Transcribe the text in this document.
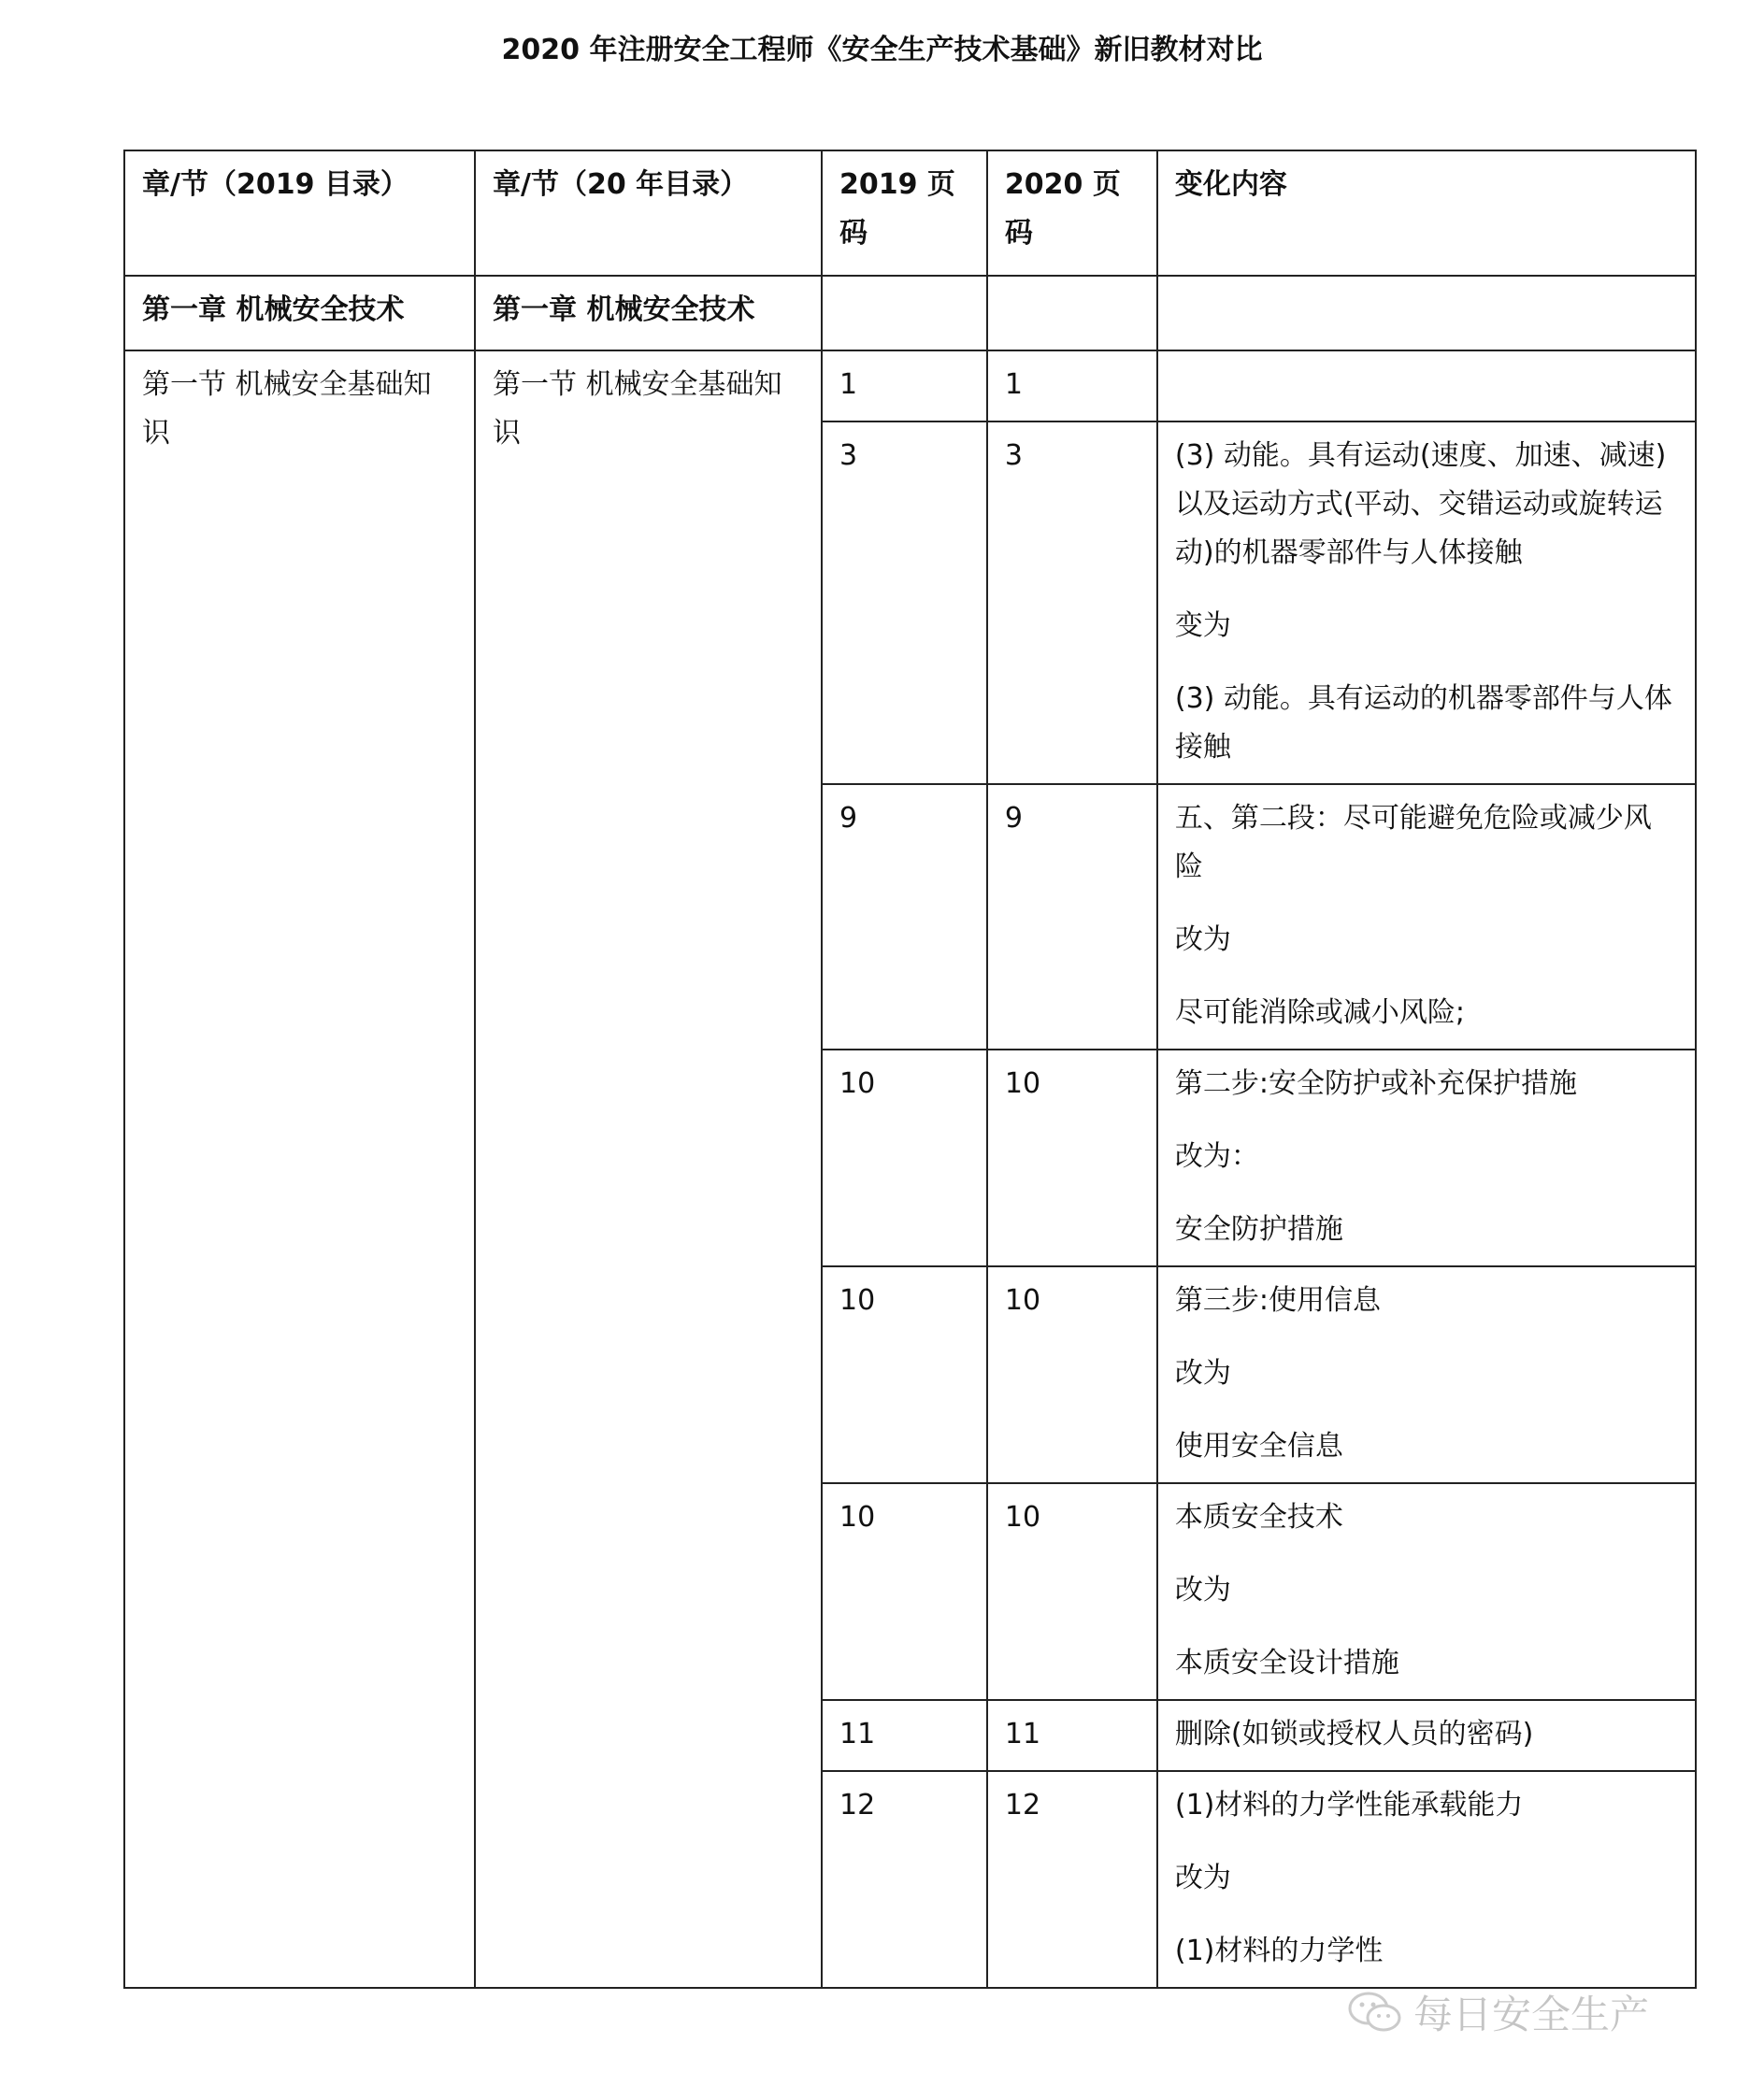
2020 年注册安全工程师《安全生产技术基础》新旧教材对比
章/节（2019 目录）	章/节（20 年目录）	2019 页码	2020 页码	变化内容
第一章 机械安全技术	第一章 机械安全技术			
第一节 机械安全基础知识	第一节 机械安全基础知识	1	1	
		3	3	(3) 动能。具有运动(速度、加速、减速)以及运动方式(平动、交错运动或旋转运动)的机器零部件与人体接触
变为
(3) 动能。具有运动的机器零部件与人体接触

		9	9	五、第二段：尽可能避免危险或减少风险
改为
尽可能消除或减小风险;

		10	10	第二步:安全防护或补充保护措施
改为：
安全防护措施

		10	10	第三步:使用信息
改为
使用安全信息

		10	10	本质安全技术
改为
本质安全设计措施

		11	11	删除(如锁或授权人员的密码)

		12	12	(1)材料的力学性能承载能力
改为
(1)材料的力学性
每日安全生产
